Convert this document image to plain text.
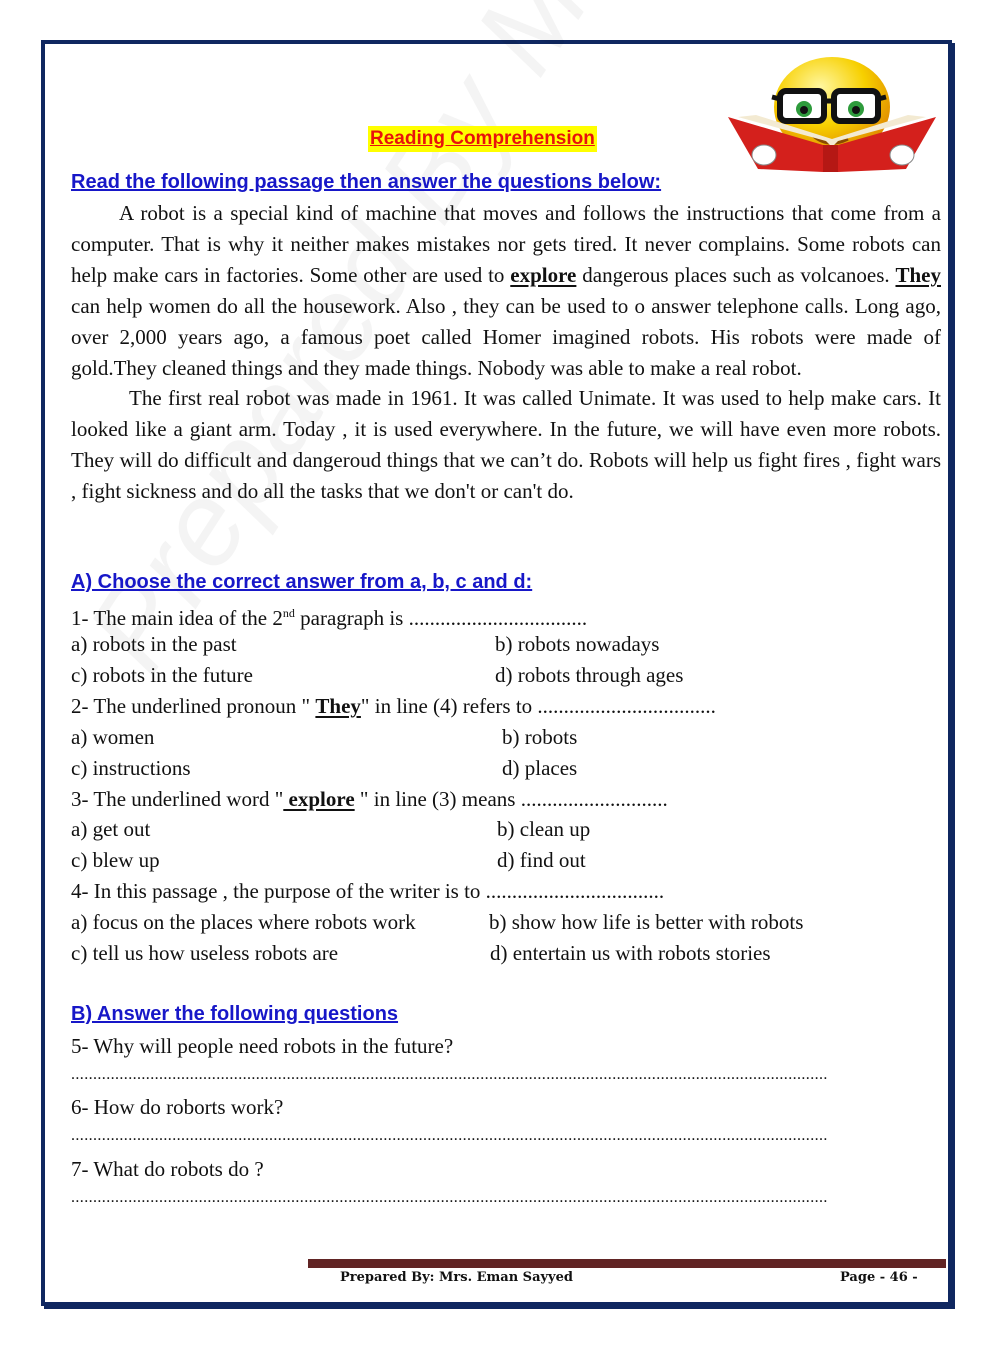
Reading Comprehension
Read the following passage then answer the questions below:

A robot is a special kind of machine that moves and follows the instructions that come from a computer. That is why it neither makes mistakes nor gets tired. It never complains. Some robots can help make cars in factories. Some other are used to explore dangerous places such as volcanoes. They can help women do all the housework. Also , they can be used to o answer telephone calls. Long ago, over 2,000 years ago, a famous poet called Homer imagined robots. His robots were made of gold.They cleaned things and they made things. Nobody was able to make a real robot.

The first real robot was made in 1961. It was called Unimate. It was used to help make cars. It looked like a giant arm. Today , it is used everywhere. In the future, we will have even more robots. They will do difficult and dangeroud things that we can’t do. Robots will help us fight fires , fight wars , fight sickness and do all the tasks that we don't or can't do.

A) Choose the correct answer from a, b, c and d:
1- The main idea of the 2nd paragraph is ..................................
a) robots in the past	b) robots nowadays
c) robots in the future	d) robots through ages
2- The underlined pronoun " They" in line (4) refers to ..................................
a) women	b) robots
c) instructions	d) places
3- The underlined word " explore " in line (3) means ............................
a) get out	b) clean up
c) blew up	d) find out
4- In this passage , the purpose of the writer is to ..................................
a) focus on the places where robots work	b) show how life is better with robots
c) tell us how useless robots are	d) entertain us with robots stories
B) Answer the following questions
5- Why will people need robots in the future?
............................................................................................................................................................................
6- How do roborts work?
............................................................................................................................................................................
7- What do robots do ?
............................................................................................................................................................................
Prepared By: Mrs. Eman Sayyed	Page - 46 -
